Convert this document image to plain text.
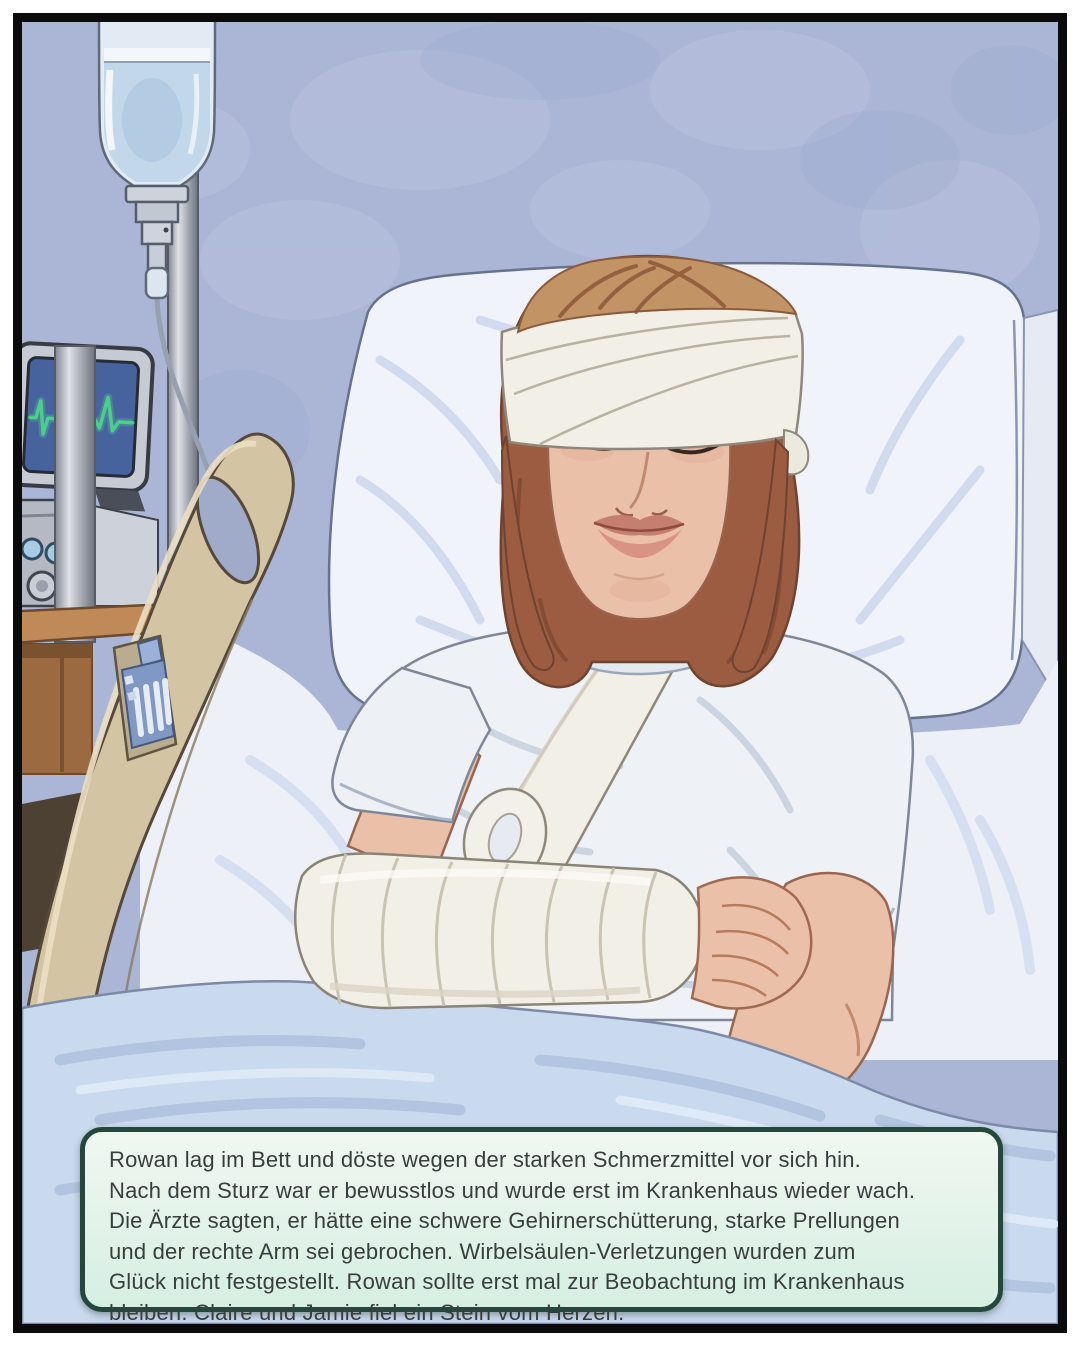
Rowan lag im Bett und döste wegen der starken Schmerzmittel vor sich hin.
Nach dem Sturz war er bewusstlos und wurde erst im Krankenhaus wieder wach.
Die Ärzte sagten, er hätte eine schwere Gehirnerschütterung, starke Prellungen
und der rechte Arm sei gebrochen. Wirbelsäulen-Verletzungen wurden zum
Glück nicht festgestellt. Rowan sollte erst mal zur Beobachtung im Krankenhaus
bleiben. Claire und Jamie fiel ein Stein vom Herzen.
